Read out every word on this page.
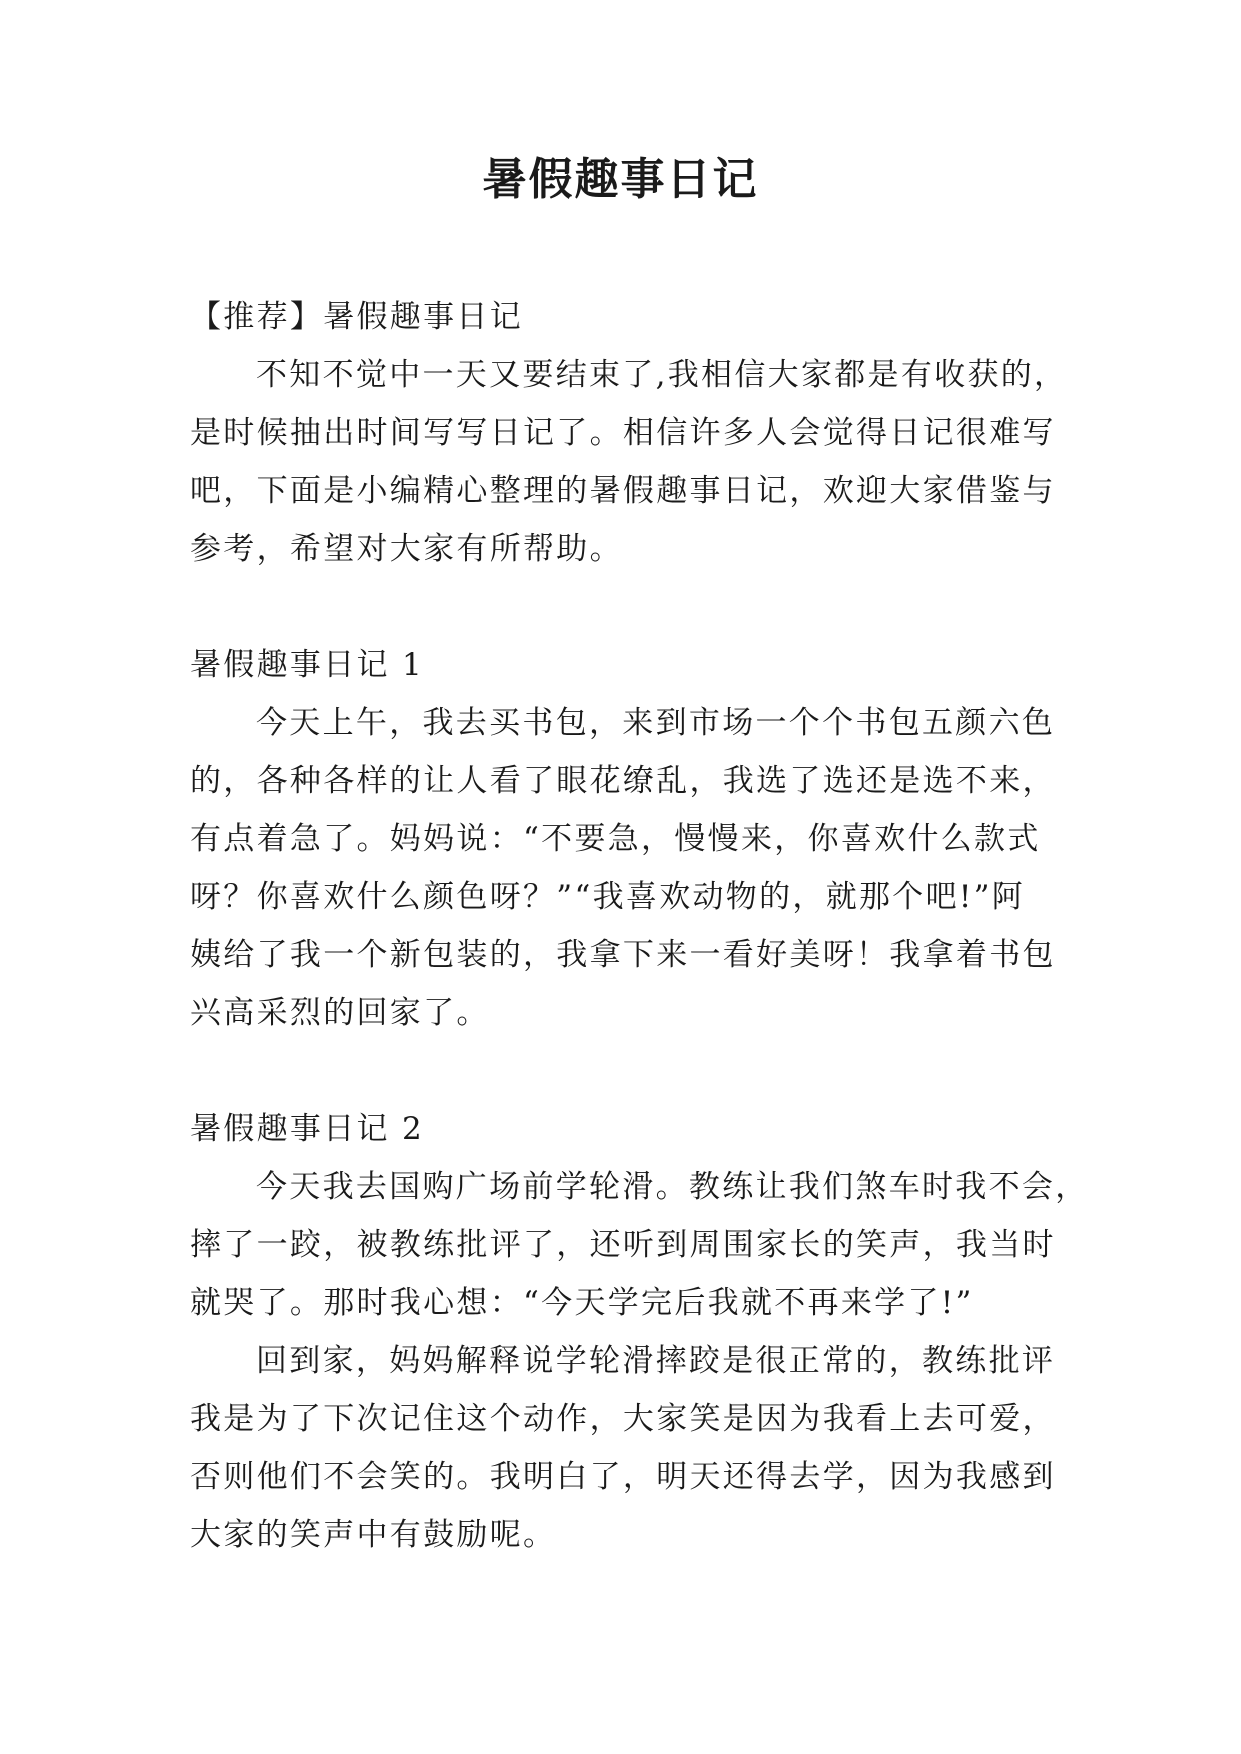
暑假趣事日记
【推荐】暑假趣事日记
不知不觉中一天又要结束了,我相信大家都是有收获的，
是时候抽出时间写写日记了。相信许多人会觉得日记很难写
吧，下面是小编精心整理的暑假趣事日记，欢迎大家借鉴与
参考，希望对大家有所帮助。
暑假趣事日记 1
今天上午，我去买书包，来到市场一个个书包五颜六色
的，各种各样的让人看了眼花缭乱，我选了选还是选不来，
有点着急了。妈妈说：“不要急，慢慢来，你喜欢什么款式
呀？你喜欢什么颜色呀？”“我喜欢动物的，就那个吧!”阿
姨给了我一个新包装的，我拿下来一看好美呀！我拿着书包
兴高采烈的回家了。
暑假趣事日记 2
今天我去国购广场前学轮滑。教练让我们煞车时我不会，
摔了一跤，被教练批评了，还听到周围家长的笑声，我当时
就哭了。那时我心想：“今天学完后我就不再来学了!”
回到家，妈妈解释说学轮滑摔跤是很正常的，教练批评
我是为了下次记住这个动作，大家笑是因为我看上去可爱，
否则他们不会笑的。我明白了，明天还得去学，因为我感到
大家的笑声中有鼓励呢。
